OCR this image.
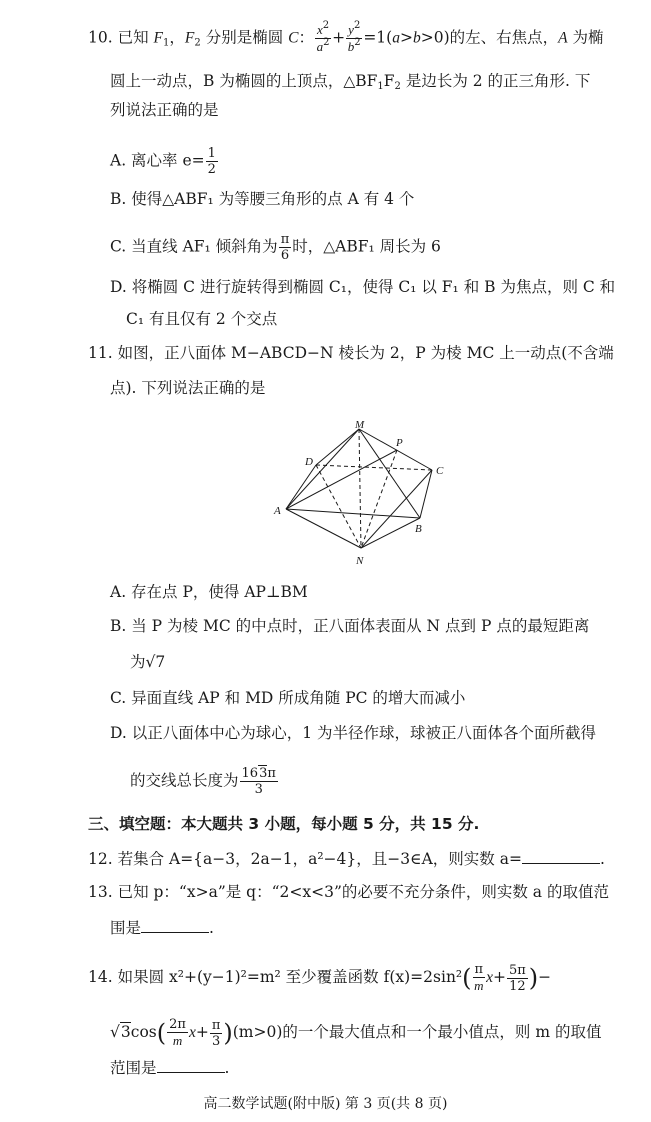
10. 已知 $F_1$，$F_2$ 分别是椭圆 C： $\frac{x^2}{a^2} + \frac{y^2}{b^2} =1(a>b>0)$的左、右焦点，A 为椭
圆上一动点，B 为椭圆的上顶点，$\triangle BF_1F_2$ 是边长为 2 的正三角形. 下
列说法正确的是
A. 离心率 $e= \frac{1}{2}$
B. 使得△ABF₁ 为等腰三角形的点 A 有 4 个
C. 当直线 AF₁ 倾斜角为 $\frac{\pi}{6}$ 时，△ABF₁ 周长为 6
D. 将椭圆 C 进行旋转得到椭圆 C₁，使得 C₁ 以 F₁ 和 B 为焦点，则 C 和
C₁ 有且仅有 2 个交点
11. 如图，正八面体 M−ABCD−N 棱长为 2，P 为棱 MC 上一动点(不含端
点). 下列说法正确的是
M
P
D
C
A
B
N
A. 存在点 P，使得 AP⊥BM
B. 当 P 为棱 MC 的中点时，正八面体表面从 N 点到 P 点的最短距离
为√7
C. 异面直线 AP 和 MD 所成角随 PC 的增大而减小
D. 以正八面体中心为球心，1 为半径作球，球被正八面体各个面所截得
的交线总长度为 $\frac{163\pi}{3}$
三、填空题：本大题共 3 小题，每小题 5 分，共 15 分.
12. 若集合 A={a−3，2a−1，a²−4}，且−3∈A，则实数 a=	.
13. 已知 p：“x>a”是 q：“2<x<3”的必要不充分条件，则实数 a 的取值范
围是	.
14. 如果圆 x²+(y−1)²=m² 至少覆盖函数 $f(x)=2\sin^2( \frac{\pi}{m} x+ \frac{5\pi}{12}$ )−
$√3\cos( \frac{2\pi}{m} x+ \frac{\pi}{3} )(m>0)$的一个最大值点和一个最小值点，则 m 的取值
范围是	.
高二数学试题(附中版) 第 3 页(共 8 页)
